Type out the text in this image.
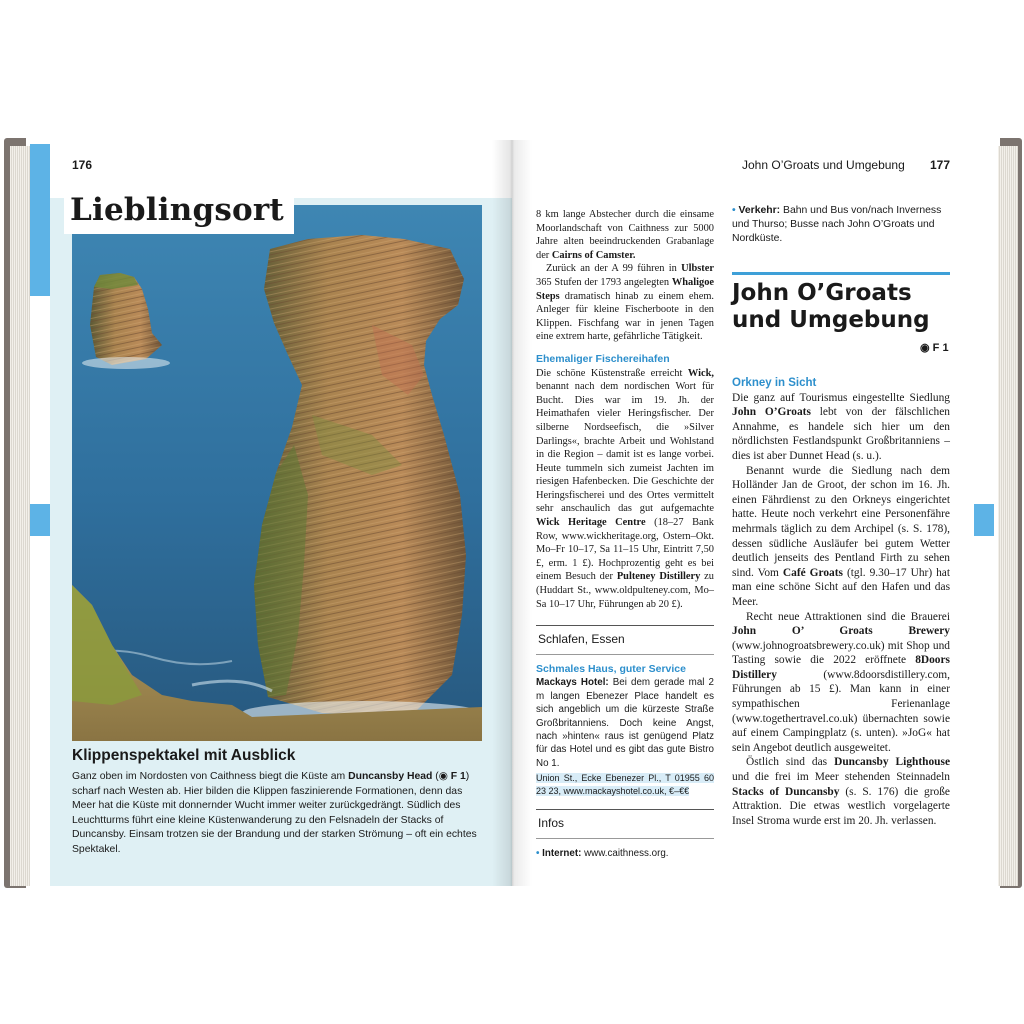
176
Lieblingsort
Klippenspektakel mit Ausblick
Ganz oben im Nordosten von Caithness biegt die Küste am Duncansby Head (◉ F 1) scharf nach Westen ab. Hier bilden die Klippen faszinierende Formationen, denn das Meer hat die Küste mit donnernder Wucht immer weiter zurückgedrängt. Südlich des Leuchtturms führt eine kleine Küstenwanderung zu den Felsnadeln der Stacks of Duncansby. Einsam trotzen sie der Brandung und der starken Strömung – oft ein echtes Spektakel.
John O’Groats und Umgebung 177

8 km lange Abstecher durch die einsame Moorlandschaft von Caithness zur 5000 Jahre alten beeindruckenden Grabanlage der Cairns of Camster.

Zurück an der A 99 führen in Ulbster 365 Stufen der 1793 angelegten Whaligoe Steps dramatisch hinab zu einem ehem. Anleger für kleine Fischerboote in den Klippen. Fischfang war in jenen Tagen eine extrem harte, gefährliche Tätigkeit.

Ehemaliger Fischereihafen

Die schöne Küstenstraße erreicht Wick, benannt nach dem nordischen Wort für Bucht. Dies war im 19. Jh. der Heimathafen vieler Heringsfischer. Der silberne Nordseefisch, die »Silver Darlings«, brachte Arbeit und Wohlstand in die Region – damit ist es lange vorbei. Heute tummeln sich zumeist Jachten im riesigen Hafenbecken. Die Geschichte der Heringsfischerei und des Ortes vermittelt sehr anschaulich das gut aufgemachte Wick Heritage Centre (18–27 Bank Row, www.wickheritage.org, Ostern–Okt. Mo–Fr 10–17, Sa 11–15 Uhr, Eintritt 7,50 £, erm. 1 £). Hochprozentig geht es bei einem Besuch der Pulteney Distillery zu (Huddart St., www.oldpulteney.com, Mo–Sa 10–17 Uhr, Führungen ab 20 £).

Schlafen, Essen
Schmales Haus, guter Service

Mackays Hotel: Bei dem gerade mal 2 m langen Ebenezer Place handelt es sich angeblich um die kürzeste Straße Großbritanniens. Doch keine Angst, nach »hinten« raus ist genügend Platz für das Hotel und es gibt das gute Bistro No 1.

Union St., Ecke Ebenezer Pl., T 01955 60 23 23, www.mackayshotel.co.uk, €–€€

Infos

• Internet: www.caithness.org.

• Verkehr: Bahn und Bus von/nach Inverness und Thurso; Busse nach John O’Groats und Nordküste.
John O’Groats und Umgebung
◉ F 1
Orkney in Sicht

Die ganz auf Tourismus eingestellte Siedlung John O’Groats lebt von der fälschlichen Annahme, es handele sich hier um den nördlichsten Festlandspunkt Großbritanniens – dies ist aber Dunnet Head (s. u.).

Benannt wurde die Siedlung nach dem Holländer Jan de Groot, der schon im 16. Jh. einen Fährdienst zu den Orkneys eingerichtet hatte. Heute noch verkehrt eine Personenfähre mehrmals täglich zu dem Archipel (s. S. 178), dessen südliche Ausläufer bei gutem Wetter deutlich jenseits des Pentland Firth zu sehen sind. Vom Café Groats (tgl. 9.30–17 Uhr) hat man eine schöne Sicht auf den Hafen und das Meer.

Recht neue Attraktionen sind die Brauerei John O’ Groats Brewery (www.johnogroatsbrewery.co.uk) mit Shop und Tasting sowie die 2022 eröffnete 8Doors Distillery	(www.8doorsdistillery.com, Führungen ab 15 £). Man kann in einer sympathischen Ferienanlage (www.togethertravel.co.uk) übernachten sowie auf einem Campingplatz (s. unten). »JoG« hat sein Angebot deutlich ausgeweitet.

Östlich sind das Duncansby Lighthouse und die frei im Meer stehenden Steinnadeln Stacks of Duncansby (s. S. 176) die große Attraktion. Die etwas westlich vorgelagerte Insel Stroma wurde erst im 20. Jh. verlassen.
